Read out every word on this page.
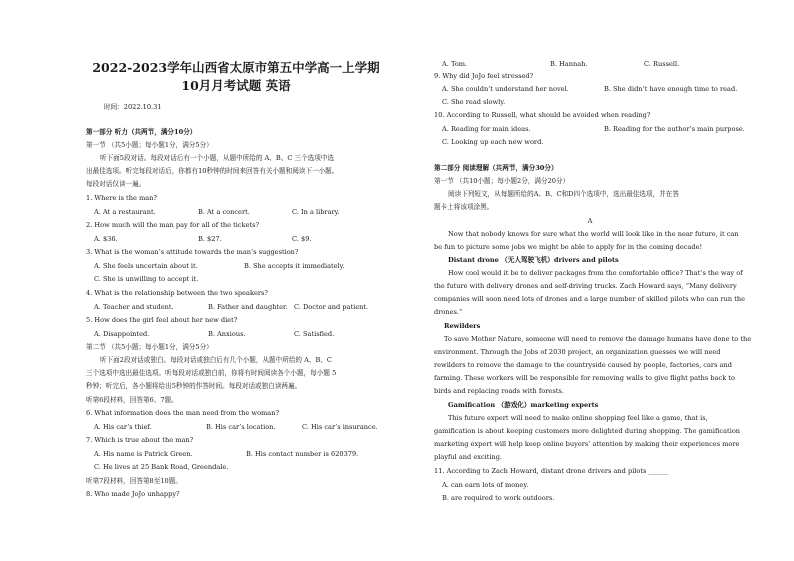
2022-2023学年山西省太原市第五中学高一上学期
10月月考试题 英语
时间：2022.10.31
第一部分 听力（共两节，满分10分）
第一节 （共5小题；每小题1分，满分5分）
听下面5段对话。每段对话后有一个小题，从题中所给的 A、B、C 三个选项中选
出最佳选项。听完每段对话后，你都有10秒钟的时间来回答有关小题和阅读下一小题。
每段对话仅读一遍。
1. Where is the man?
A. At a restaurant.	B. At a concert.	C. In a library.
2. How much will the man pay for all of the tickets?
A. $36.	B. $27.	C. $9.
3. What is the woman’s attitude towards the man’s suggestion?
A. She feels uncertain about it.	B. She accepts it immediately.
C. She is unwilling to accept it.
4. What is the relationship between the two speakers?
A. Teacher and student.	B. Father and daughter. C. Doctor and patient.
5. How does the girl feel about her new diet?
A. Disappointed.	B. Anxious.	C. Satisfied.
第二节 （共5小题；每小题1分，满分5分）
听下面2段对话或独白。每段对话或独白后有几个小题，从题中所给的 A、B、C
三个选项中选出最佳选项。听每段对话或独白前，你将有时间阅读各个小题，每小题 5
秒钟；听完后，各小题将给出5秒钟的作答时间。每段对话或独白读两遍。
听第6段材料，回答第6、7题。
6. What information does the man need from the woman?
A. His car’s thief.	B. His car’s location.	C. His car’s insurance.
7. Which is true about the man?
A. His name is Patrick Green.	B. His contact number is 620379.
C. He lives at 25 Bank Road, Greendale.
听第7段材料，回答第8至10题。
8. Who made JoJo unhappy?
A. Tom.	B. Hannah.	C. Russell.
9. Why did JoJo feel stressed?
A. She couldn’t understand her novel.	B. She didn’t have enough time to read.
C. She read slowly.
10. According to Russell, what should be avoided when reading?
A. Reading for main ideas.	B. Reading for the author’s main purpose.
C. Looking up each new word.
第二部分 阅读理解（共两节，满分30分）
第一节 （共10小题；每小题2分，满分20分）
阅读下列短文，从每题所给的A、B、C和D四个选项中，选出最佳选项，并在答
题卡上将该项涂黑。
A
Now that nobody knows for sure what the world will look like in the near future, it can
be fun to picture some jobs we might be able to apply for in the coming decade!
Distant drone （无人驾驶飞机）drivers and pilots
How cool would it be to deliver packages from the comfortable office? That’s the way of
the future with delivery drones and self-driving trucks. Zach Howard says, “Many delivery
companies will soon need lots of drones and a large number of skilled pilots who can run the
drones.”
Rewilders
To save Mother Nature, someone will need to remove the damage humans have done to the
environment. Through the Jobs of 2030 project, an organization guesses we will need
rewilders to remove the damage to the countryside caused by people, factories, cars and
farming. These workers will be responsible for removing walls to give flight paths back to
birds and replacing roads with forests.
Gamification （游戏化）marketing experts
This future expert will need to make online shopping feel like a game, that is,
gamification is about keeping customers more delighted during shopping. The gamification
marketing expert will help keep online buyers’ attention by making their experiences more
playful and exciting.
11. According to Zach Howard, distant drone drivers and pilots ______
A. can earn lots of money.
B. are required to work outdoors.
